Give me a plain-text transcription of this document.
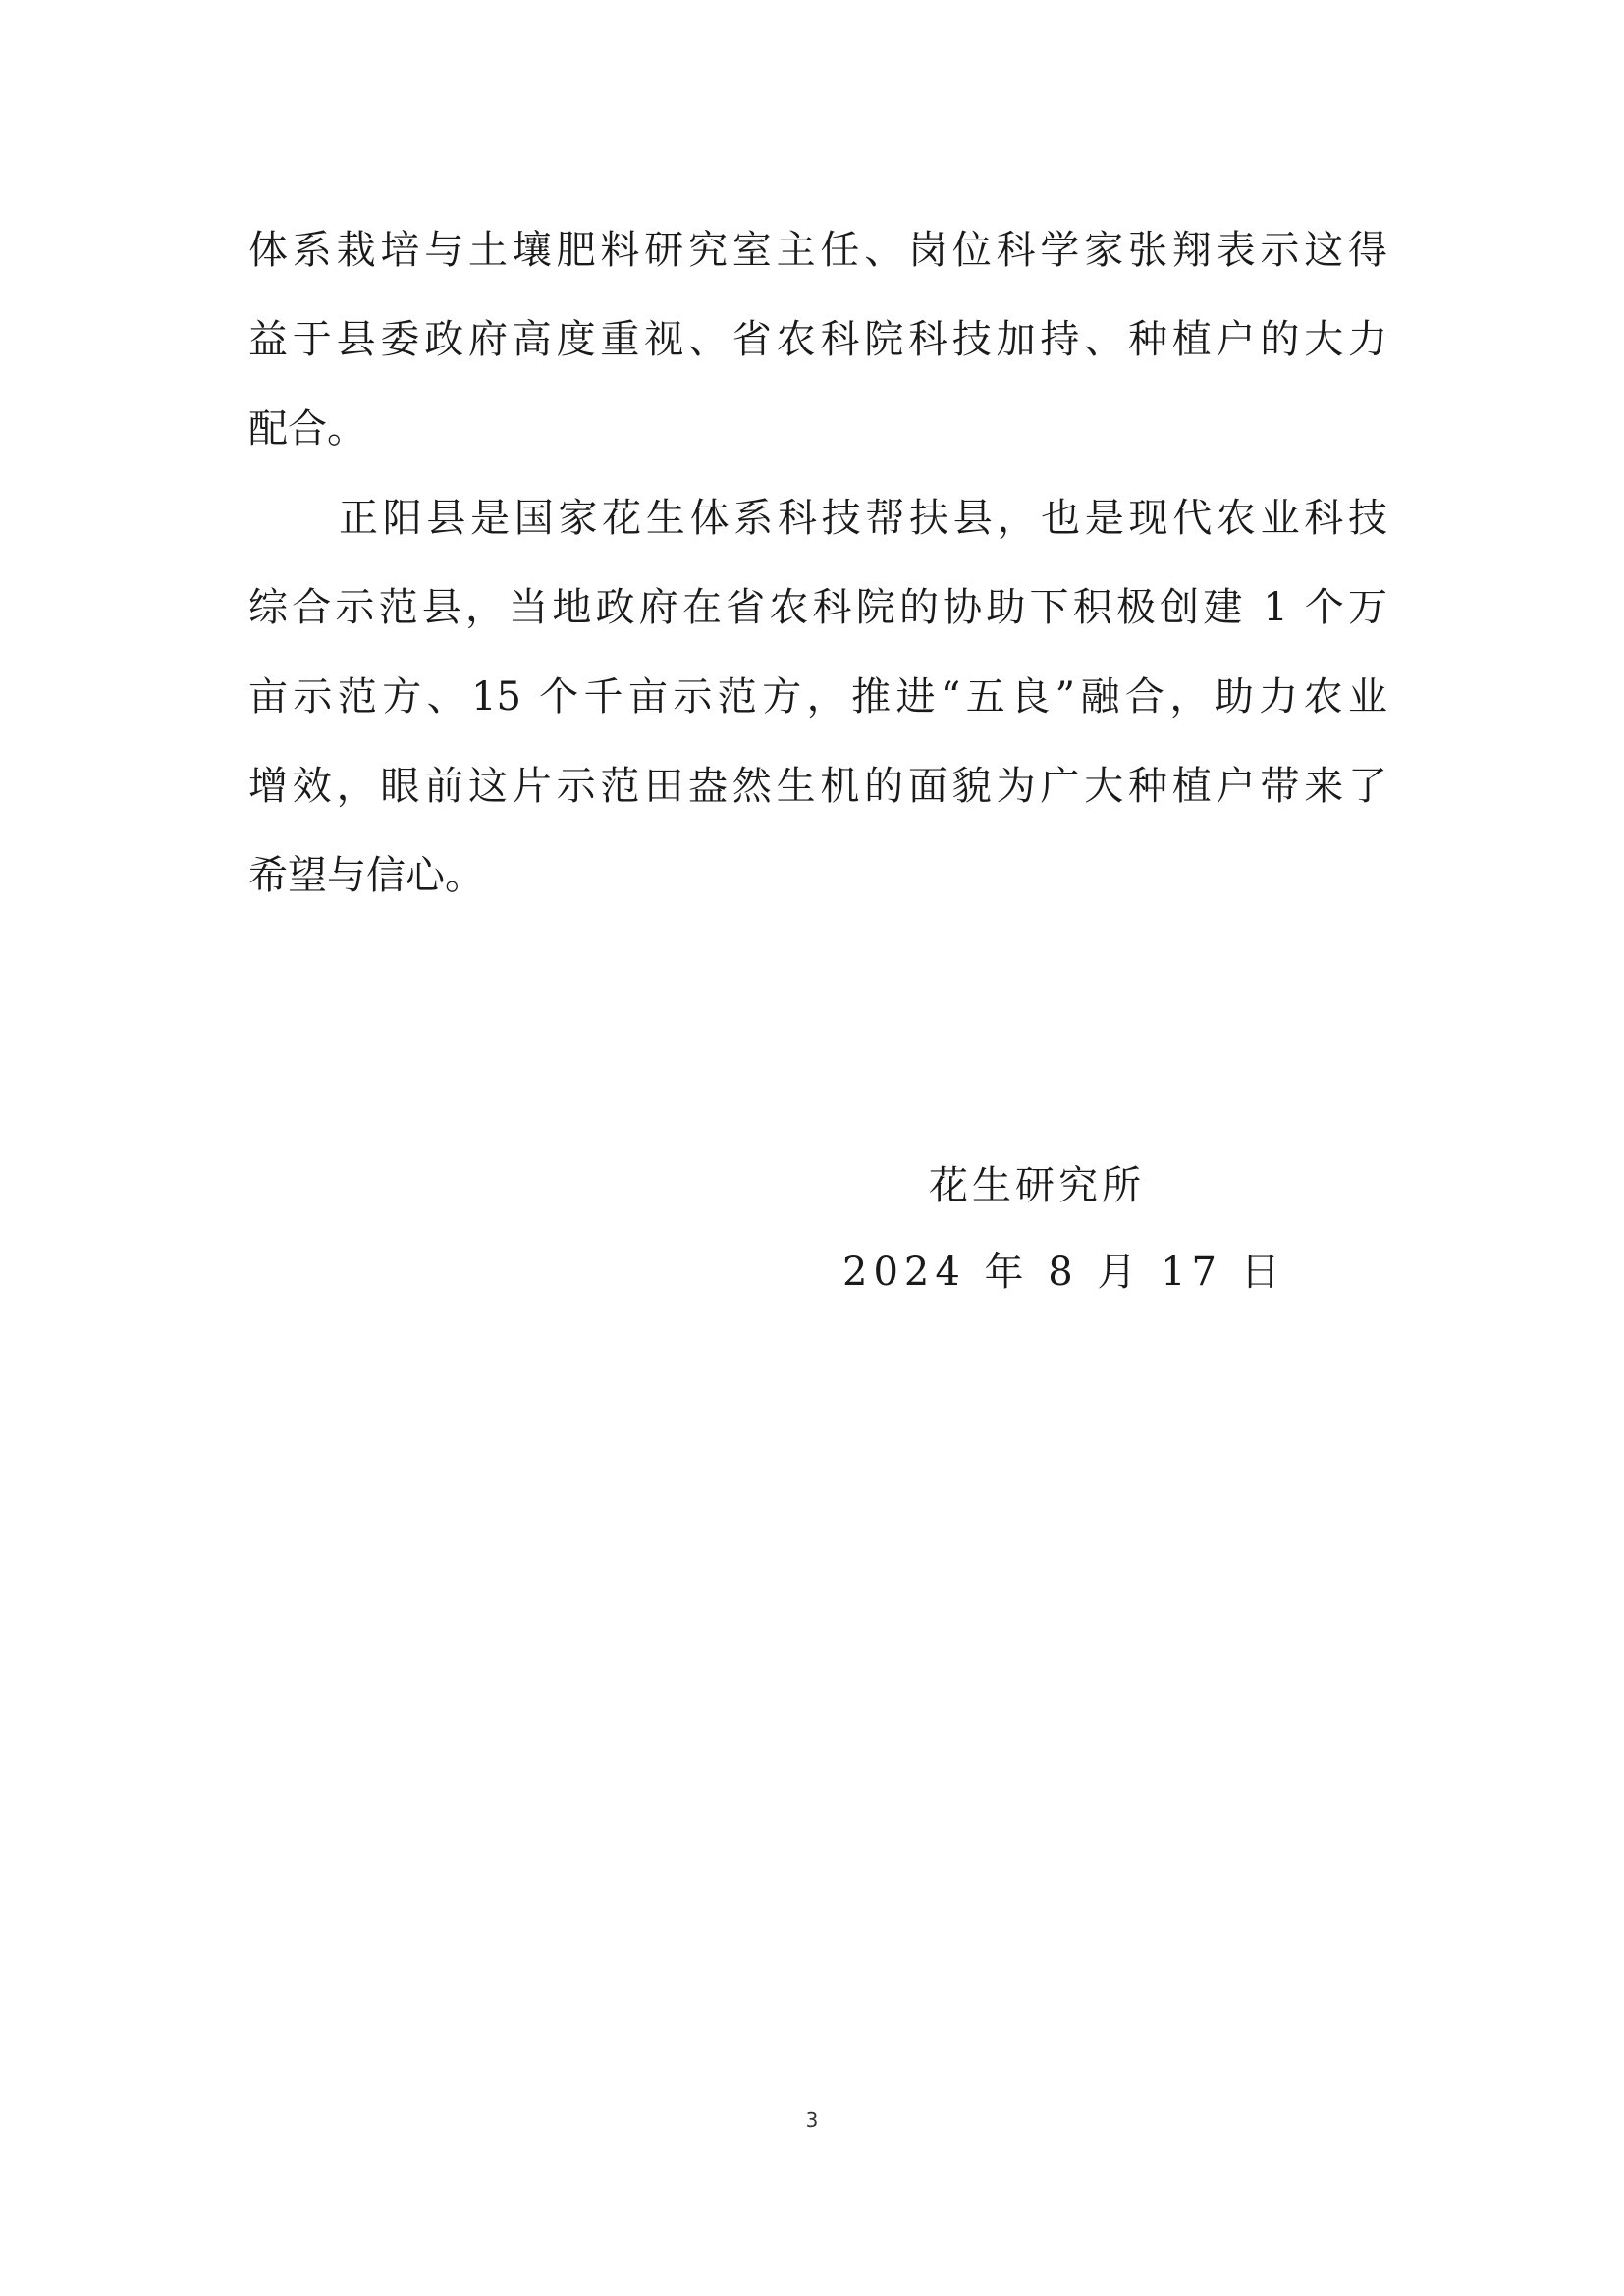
体系栽培与土壤肥料研究室主任、岗位科学家张翔表示这得
益于县委政府高度重视、省农科院科技加持、种植户的大力
配合。
正阳县是国家花生体系科技帮扶县，也是现代农业科技
综合示范县，当地政府在省农科院的协助下积极创建 1 个万
亩示范方、15 个千亩示范方，推进“五良”融合，助力农业
增效，眼前这片示范田盎然生机的面貌为广大种植户带来了
希望与信心。
花生研究所
2024 年 8 月 17 日
3
